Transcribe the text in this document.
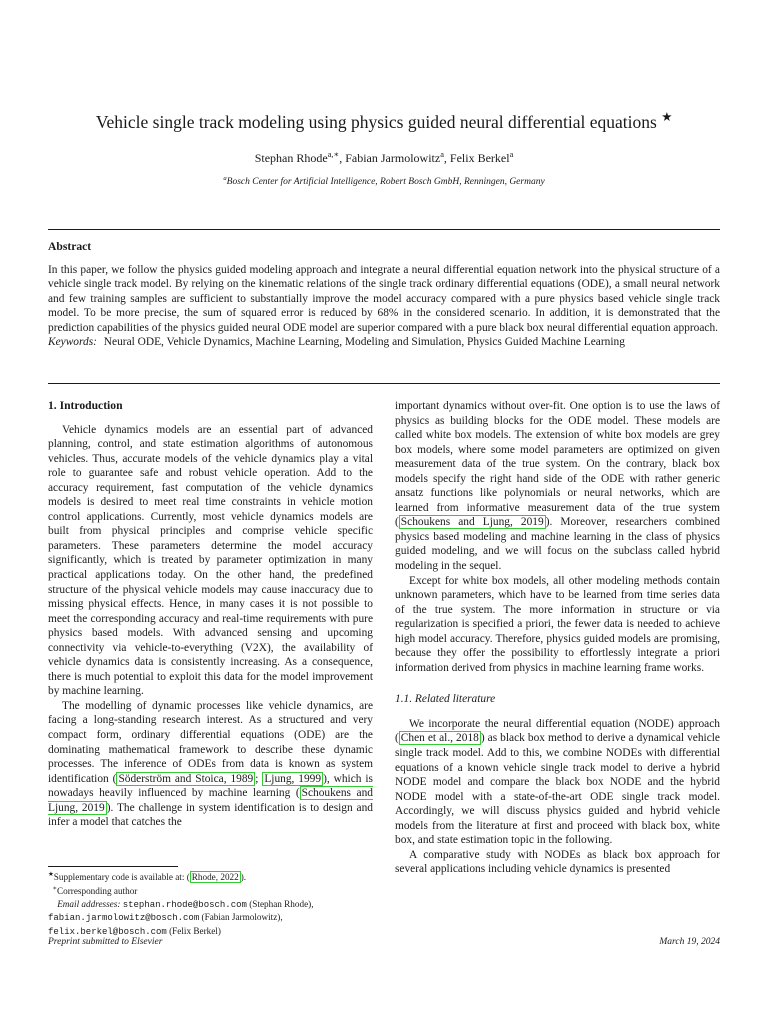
Vehicle single track modeling using physics guided neural differential equations ★
Stephan Rhode$^{a,∗}$, Fabian Jarmolowitz$^a$, Felix Berkel$^a$
$^a$Bosch Center for Artificial Intelligence, Robert Bosch GmbH, Renningen, Germany
Abstract

In this paper, we follow the physics guided modeling approach and integrate a neural differential equation network into the physical structure of a vehicle single track model. By relying on the kinematic relations of the single track ordinary differential equations (ODE), a small neural network and few training samples are sufficient to substantially improve the model accuracy compared with a pure physics based vehicle single track model. To be more precise, the sum of squared error is reduced by 68% in the considered scenario. In addition, it is demonstrated that the prediction capabilities of the physics guided neural ODE model are superior compared with a pure black box neural differential equation approach.

Keywords: Neural ODE, Vehicle Dynamics, Machine Learning, Modeling and Simulation, Physics Guided Machine Learning

1. Introduction

Vehicle dynamics models are an essential part of advanced planning, control, and state estimation algorithms of autonomous vehicles. Thus, accurate models of the vehicle dynamics play a vital role to guarantee safe and robust vehicle operation. Add to the accuracy requirement, fast computation of the vehicle dynamics models is desired to meet real time constraints in vehicle motion control applications. Currently, most vehicle dynamics models are built from physical principles and comprise vehicle specific parameters. These parameters determine the model accuracy significantly, which is treated by parameter optimization in many practical applications today. On the other hand, the predefined structure of the physical vehicle models may cause inaccuracy due to missing physical effects. Hence, in many cases it is not possible to meet the corresponding accuracy and real-time requirements with pure physics based models. With advanced sensing and upcoming connectivity via vehicle-to-everything (V2X), the availability of vehicle dynamics data is consistently increasing. As a consequence, there is much potential to exploit this data for the model improvement by machine learning.

The modelling of dynamic processes like vehicle dynamics, are facing a long-standing research interest. As a structured and very compact form, ordinary differential equations (ODE) are the dominating mathematical framework to describe these dynamic processes. The inference of ODEs from data is known as system identification ( Söderström and Stoica, 1989 ; Ljung, 1999 ), which is nowadays heavily influenced by machine learning ( Schoukens and Ljung, 2019 ). The challenge in system identification is to design and infer a model that catches the

important dynamics without over-fit. One option is to use the laws of physics as building blocks for the ODE model. These models are called white box models. The extension of white box models are grey box models, where some model parameters are optimized on given measurement data of the true system. On the contrary, black box models specify the right hand side of the ODE with rather generic ansatz functions like polynomials or neural networks, which are learned from informative measurement data of the true system ( Schoukens and Ljung, 2019 ). Moreover, researchers combined physics based modeling and machine learning in the class of physics guided modeling, and we will focus on the subclass called hybrid modeling in the sequel.

Except for white box models, all other modeling methods contain unknown parameters, which have to be learned from time series data of the true system. The more information in structure or via regularization is specified a priori, the fewer data is needed to achieve high model accuracy. Therefore, physics guided models are promising, because they offer the possibility to effortlessly integrate a priori information derived from physics in machine learning frame works.

1.1. Related literature

We incorporate the neural differential equation (NODE) approach ( Chen et al., 2018 ) as black box method to derive a dynamical vehicle single track model. Add to this, we combine NODEs with differential equations of a known vehicle single track model to derive a hybrid NODE model and compare the black box NODE and the hybrid NODE model with a state-of-the-art ODE single track model. Accordingly, we will discuss physics guided and hybrid vehicle models from the literature at first and proceed with black box, white box, and state estimation topic in the following.

A comparative study with NODEs as black box approach for several applications including vehicle dynamics is presented

★Supplementary code is available at: ( Rhode, 2022 ).
∗Corresponding author
Email addresses: stephan.rhode@bosch.com (Stephan Rhode),
fabian.jarmolowitz@bosch.com (Fabian Jarmolowitz),
felix.berkel@bosch.com (Felix Berkel)
Preprint submitted to Elsevier	March 19, 2024
